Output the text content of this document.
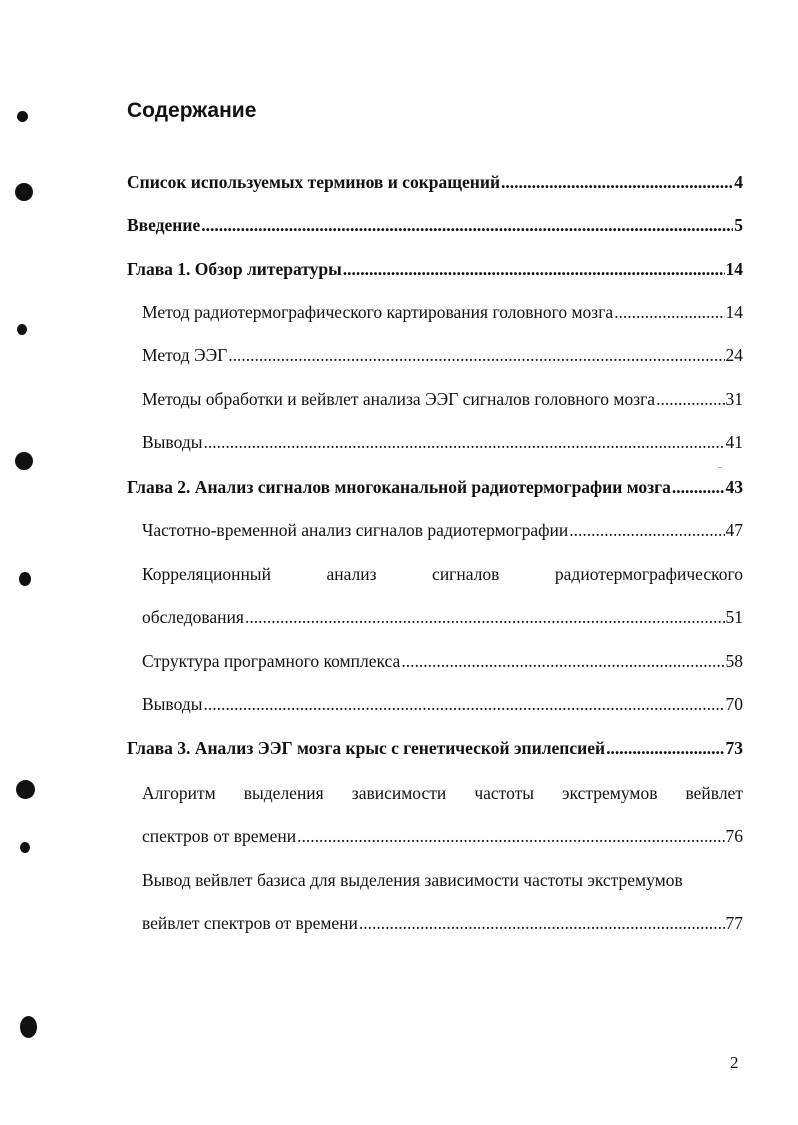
Содержание
Список используемых терминов и сокращений .....	4
Введение .....	5
Глава 1. Обзор литературы .....	14
Метод радиотермографического картирования головного мозга .....	14
Метод ЭЭГ .....	24
Методы обработки и вейвлет анализа ЭЭГ сигналов головного мозга .....	31
Выводы .....	41
Глава 2. Анализ сигналов многоканальной радиотермографии мозга .....	43
Частотно-временной анализ сигналов радиотермографии .....	47
Корреляционный	анализ	сигналов	радиотермографического
обследования .....	51
Структура програмного комплекса .....	58
Выводы .....	70
Глава 3. Анализ ЭЭГ мозга крыс с генетической эпилепсией .....	73
Алгоритм выделения зависимости частоты экстремумов вейвлет
спектров от времени .....	76
Вывод вейвлет базиса для выделения зависимости частоты экстремумов
вейвлет спектров от времени .....	77
2
